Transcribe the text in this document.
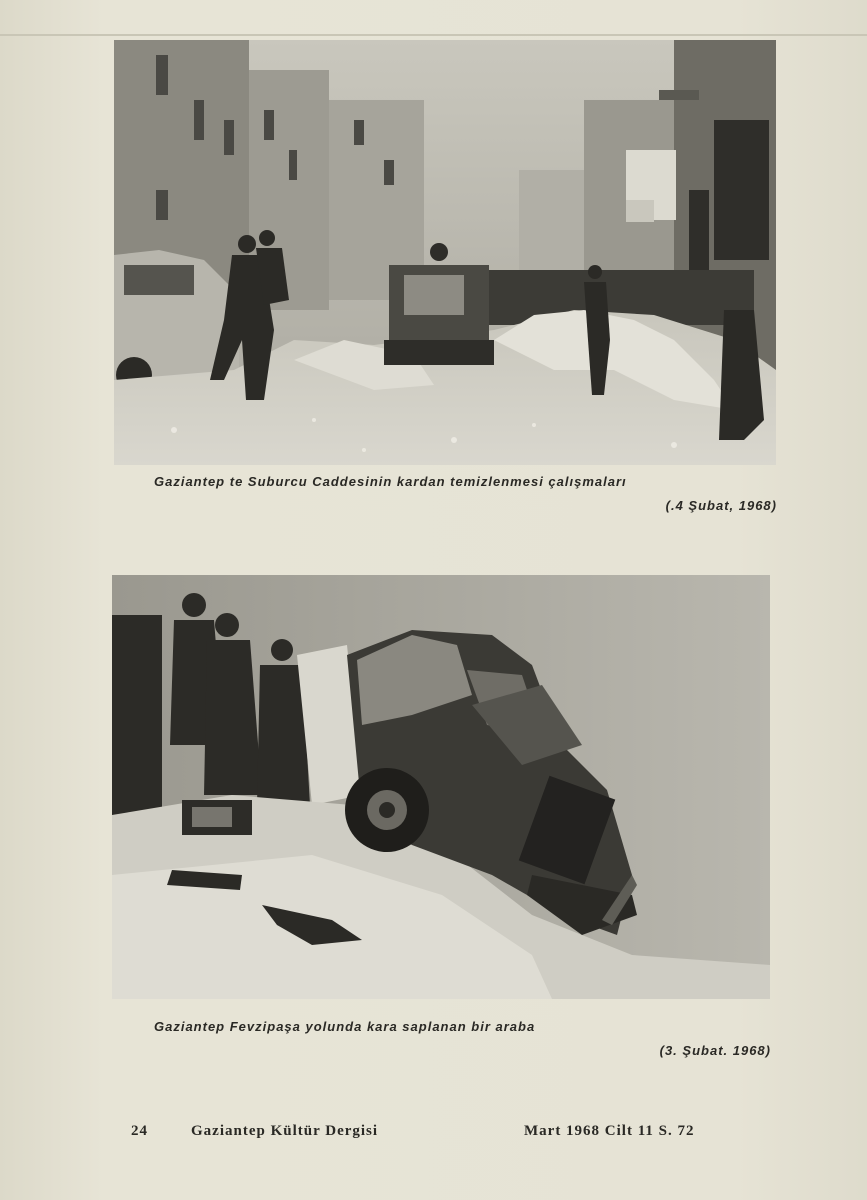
Gaziantep te Suburcu Caddesinin kardan temizlenmesi çalışmaları
(.4 Şubat, 1968)
Gaziantep Fevzipaşa yolunda kara saplanan bir araba
(3. Şubat. 1968)
24	Gaziantep Kültür Dergisi	Mart 1968 Cilt 11 S. 72
